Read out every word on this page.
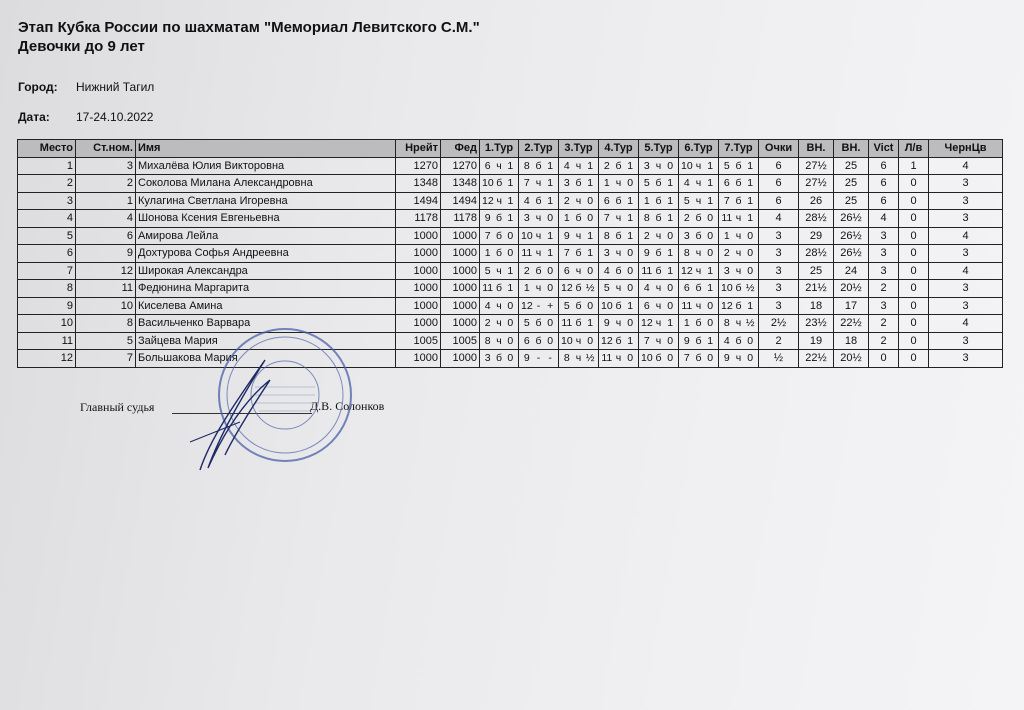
Этап Кубка России по шахматам "Мемориал Левитского С.М."
Девочки до 9 лет
Город: Нижний Тагил
Дата: 17-24.10.2022
Место	Ст.ном.	Имя	Нрейт	Фед	1.Тур	2.Тур	3.Тур	4.Тур	5.Тур	6.Тур	7.Тур	Очки	ВН.	ВН.	Vict	Л/в	ЧернЦв
1	3	Михалёва Юлия Викторовна	1270	1270	6 ч 1	8 б 1	4 ч 1	2 б 1	3 ч 0	10 ч 1	5 б 1	6	27½	25	6	1	4
2	2	Соколова Милана Александровна	1348	1348	10 б 1	7 ч 1	3 б 1	1 ч 0	5 б 1	4 ч 1	6 б 1	6	27½	25	6	0	3
3	1	Кулагина Светлана Игоревна	1494	1494	12 ч 1	4 б 1	2 ч 0	6 б 1	1 б 1	5 ч 1	7 б 1	6	26	25	6	0	3
4	4	Шонова Ксения Евгеньевна	1178	1178	9 б 1	3 ч 0	1 б 0	7 ч 1	8 б 1	2 б 0	11 ч 1	4	28½	26½	4	0	3
5	6	Амирова Лейла	1000	1000	7 б 0	10 ч 1	9 ч 1	8 б 1	2 ч 0	3 б 0	1 ч 0	3	29	26½	3	0	4
6	9	Дохтурова Софья Андреевна	1000	1000	1 б 0	11 ч 1	7 б 1	3 ч 0	9 б 1	8 ч 0	2 ч 0	3	28½	26½	3	0	3
7	12	Широкая Александра	1000	1000	5 ч 1	2 б 0	6 ч 0	4 б 0	11 б 1	12 ч 1	3 ч 0	3	25	24	3	0	4
8	11	Федюнина Маргарита	1000	1000	11 б 1	1 ч 0	12 б ½	5 ч 0	4 ч 0	6 б 1	10 б ½	3	21½	20½	2	0	3
9	10	Киселева Амина	1000	1000	4 ч 0	12 - +	5 б 0	10 б 1	6 ч 0	11 ч 0	12 б 1	3	18	17	3	0	3
10	8	Васильченко Варвара	1000	1000	2 ч 0	5 б 0	11 б 1	9 ч 0	12 ч 1	1 б 0	8 ч ½	2½	23½	22½	2	0	4
11	5	Зайцева Мария	1005	1005	8 ч 0	6 б 0	10 ч 0	12 б 1	7 ч 0	9 б 1	4 б 0	2	19	18	2	0	3
12	7	Большакова Мария	1000	1000	3 б 0	9 - -	8 ч ½	11 ч 0	10 б 0	7 б 0	9 ч 0	½	22½	20½	0	0	3
Главный судья	Д.В. Солонков
